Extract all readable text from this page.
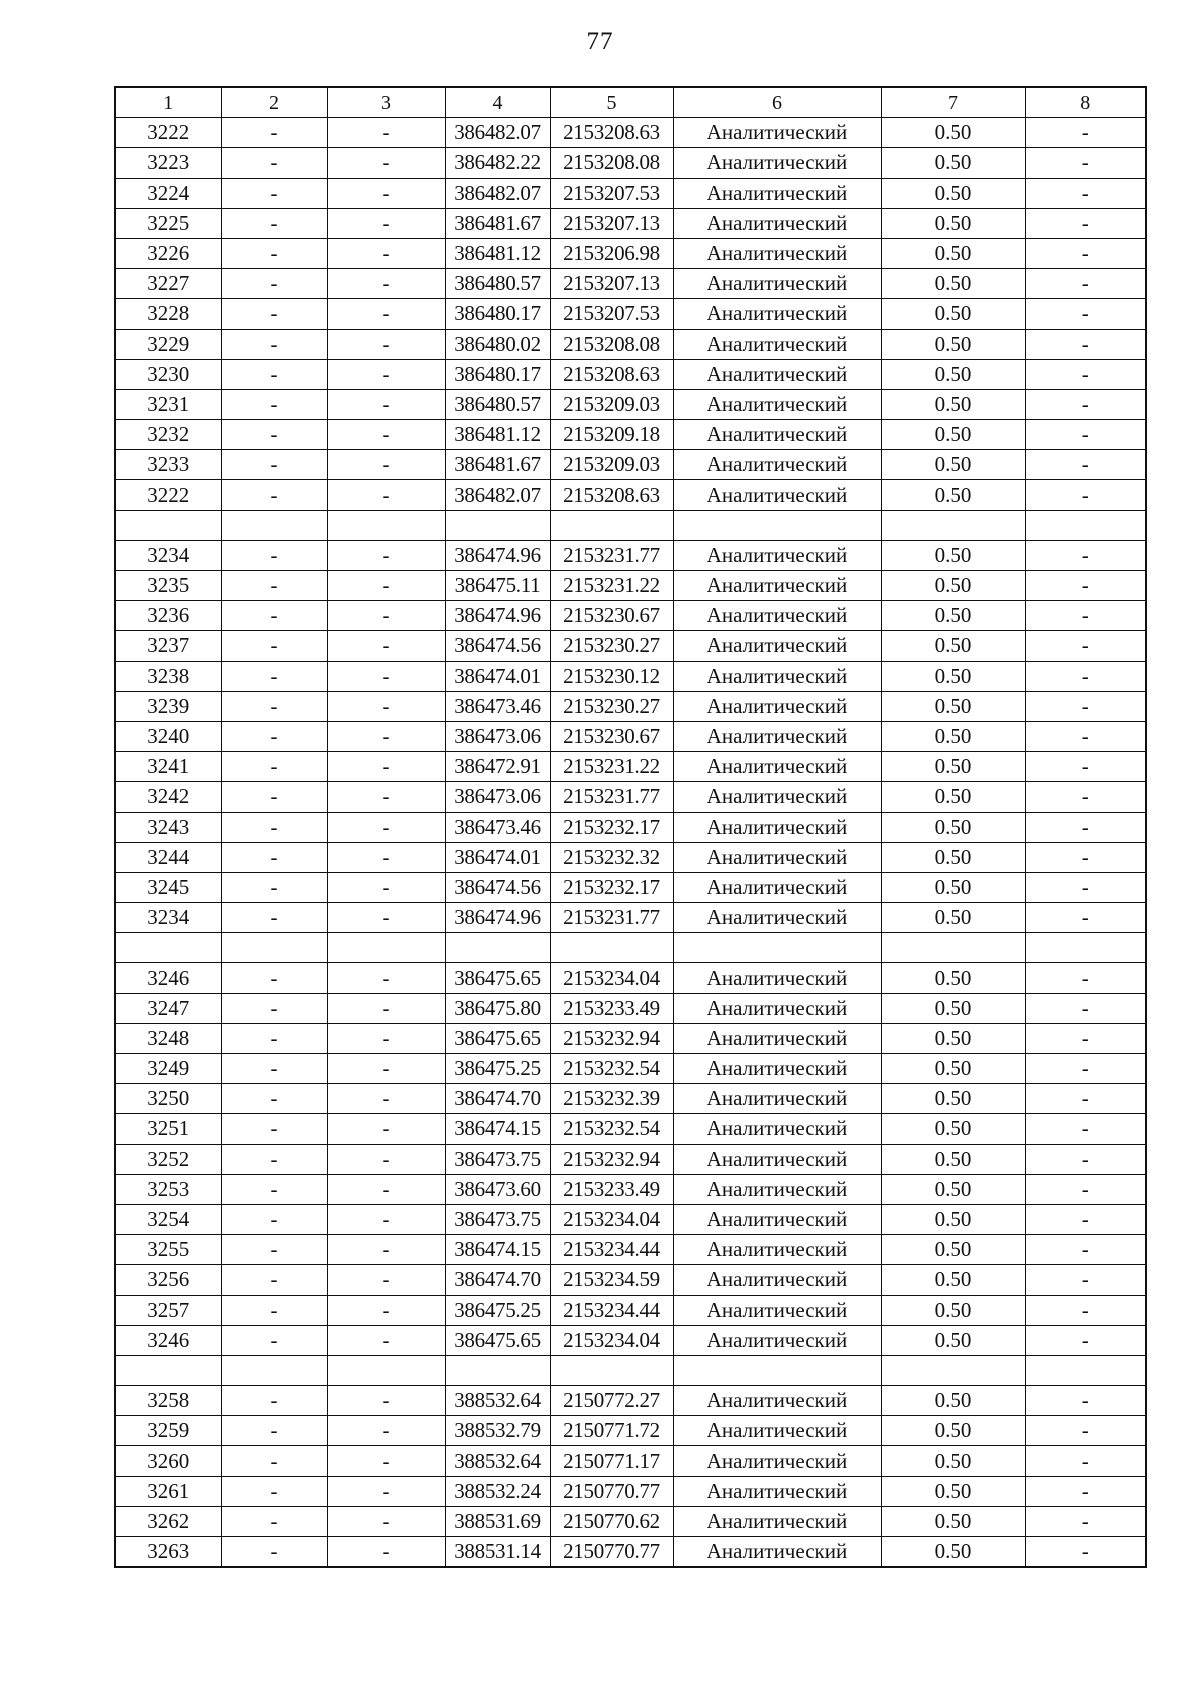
77
1	2	3	4	5	6	7	8
3222	-	-	386482.07	2153208.63	Аналитический	0.50	-
3223	-	-	386482.22	2153208.08	Аналитический	0.50	-
3224	-	-	386482.07	2153207.53	Аналитический	0.50	-
3225	-	-	386481.67	2153207.13	Аналитический	0.50	-
3226	-	-	386481.12	2153206.98	Аналитический	0.50	-
3227	-	-	386480.57	2153207.13	Аналитический	0.50	-
3228	-	-	386480.17	2153207.53	Аналитический	0.50	-
3229	-	-	386480.02	2153208.08	Аналитический	0.50	-
3230	-	-	386480.17	2153208.63	Аналитический	0.50	-
3231	-	-	386480.57	2153209.03	Аналитический	0.50	-
3232	-	-	386481.12	2153209.18	Аналитический	0.50	-
3233	-	-	386481.67	2153209.03	Аналитический	0.50	-
3222	-	-	386482.07	2153208.63	Аналитический	0.50	-

3234	-	-	386474.96	2153231.77	Аналитический	0.50	-
3235	-	-	386475.11	2153231.22	Аналитический	0.50	-
3236	-	-	386474.96	2153230.67	Аналитический	0.50	-
3237	-	-	386474.56	2153230.27	Аналитический	0.50	-
3238	-	-	386474.01	2153230.12	Аналитический	0.50	-
3239	-	-	386473.46	2153230.27	Аналитический	0.50	-
3240	-	-	386473.06	2153230.67	Аналитический	0.50	-
3241	-	-	386472.91	2153231.22	Аналитический	0.50	-
3242	-	-	386473.06	2153231.77	Аналитический	0.50	-
3243	-	-	386473.46	2153232.17	Аналитический	0.50	-
3244	-	-	386474.01	2153232.32	Аналитический	0.50	-
3245	-	-	386474.56	2153232.17	Аналитический	0.50	-
3234	-	-	386474.96	2153231.77	Аналитический	0.50	-

3246	-	-	386475.65	2153234.04	Аналитический	0.50	-
3247	-	-	386475.80	2153233.49	Аналитический	0.50	-
3248	-	-	386475.65	2153232.94	Аналитический	0.50	-
3249	-	-	386475.25	2153232.54	Аналитический	0.50	-
3250	-	-	386474.70	2153232.39	Аналитический	0.50	-
3251	-	-	386474.15	2153232.54	Аналитический	0.50	-
3252	-	-	386473.75	2153232.94	Аналитический	0.50	-
3253	-	-	386473.60	2153233.49	Аналитический	0.50	-
3254	-	-	386473.75	2153234.04	Аналитический	0.50	-
3255	-	-	386474.15	2153234.44	Аналитический	0.50	-
3256	-	-	386474.70	2153234.59	Аналитический	0.50	-
3257	-	-	386475.25	2153234.44	Аналитический	0.50	-
3246	-	-	386475.65	2153234.04	Аналитический	0.50	-

3258	-	-	388532.64	2150772.27	Аналитический	0.50	-
3259	-	-	388532.79	2150771.72	Аналитический	0.50	-
3260	-	-	388532.64	2150771.17	Аналитический	0.50	-
3261	-	-	388532.24	2150770.77	Аналитический	0.50	-
3262	-	-	388531.69	2150770.62	Аналитический	0.50	-
3263	-	-	388531.14	2150770.77	Аналитический	0.50	-
